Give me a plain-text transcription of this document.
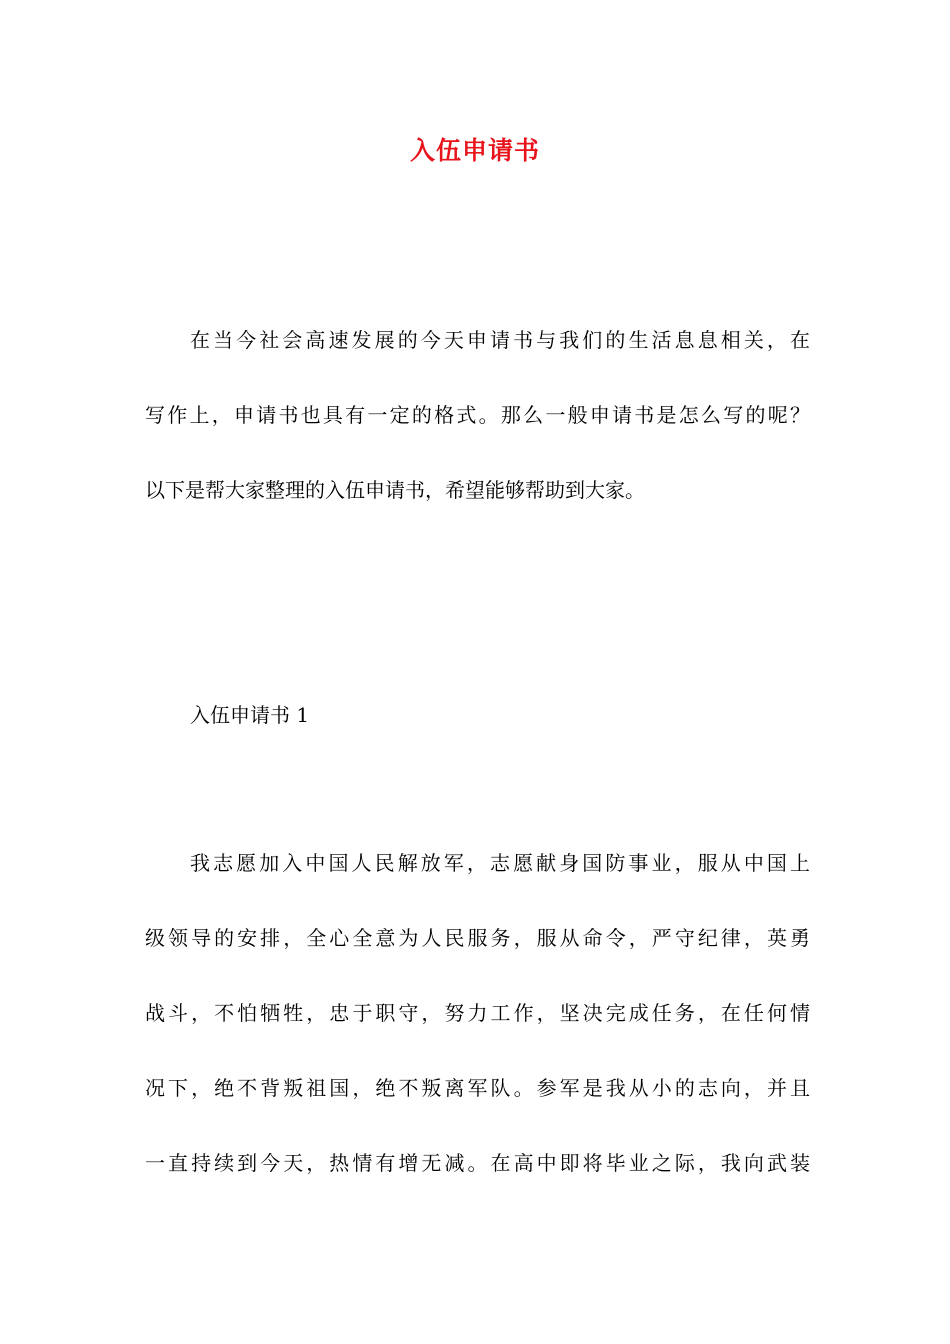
入伍申请书
在当今社会高速发展的今天申请书与我们的生活息息相关，在
写作上，申请书也具有一定的格式。那么一般申请书是怎么写的呢？
以下是帮大家整理的入伍申请书，希望能够帮助到大家。
入伍申请书 1
我志愿加入中国人民解放军，志愿献身国防事业，服从中国上
级领导的安排，全心全意为人民服务，服从命令，严守纪律，英勇
战斗，不怕牺牲，忠于职守，努力工作，坚决完成任务，在任何情
况下，绝不背叛祖国，绝不叛离军队。参军是我从小的志向，并且
一直持续到今天，热情有增无减。在高中即将毕业之际，我向武装
